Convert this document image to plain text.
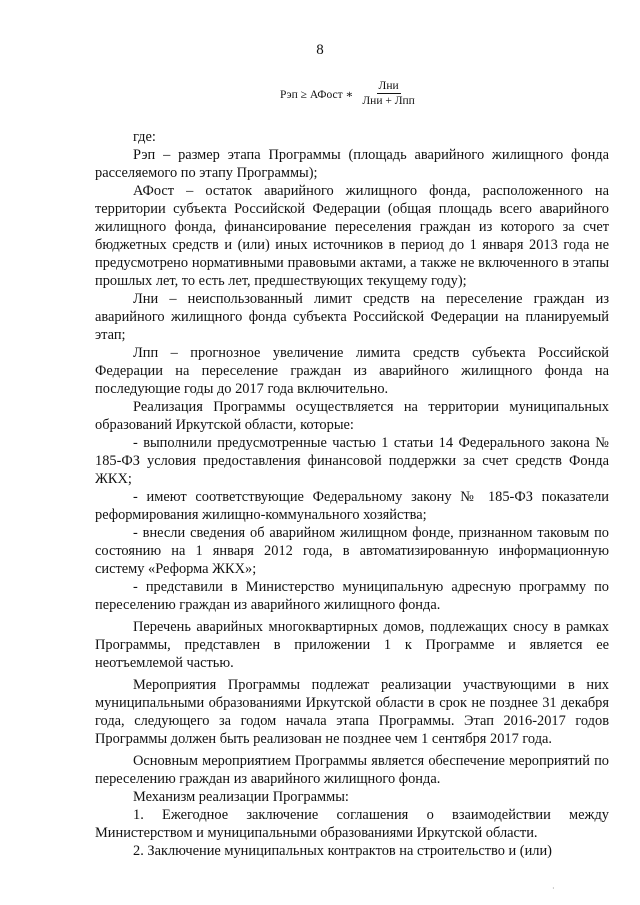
8
Рэп ≥ АФост ∗ $\frac{\text{Лни}}{\text{Лни + Лпп}}$

где:

Рэп – размер этапа Программы (площадь аварийного жилищного фонда расселяемого по этапу Программы);

АФост – остаток аварийного жилищного фонда, расположенного на территории субъекта Российской Федерации (общая площадь всего аварийного жилищного фонда, финансирование переселения граждан из которого за счет бюджетных средств и (или) иных источников в период до 1 января 2013 года не предусмотрено нормативными правовыми актами, а также не включенного в этапы прошлых лет, то есть лет, предшествующих текущему году);

Лни – неиспользованный лимит средств на переселение граждан из аварийного жилищного фонда субъекта Российской Федерации на планируемый этап;

Лпп – прогнозное увеличение лимита средств субъекта Российской Федерации на переселение граждан из аварийного жилищного фонда на последующие годы до 2017 года включительно.

Реализация Программы осуществляется на территории муниципальных образований Иркутской области, которые:

- выполнили предусмотренные частью 1 статьи 14 Федерального закона № 185-ФЗ условия предоставления финансовой поддержки за счет средств Фонда ЖКХ;

- имеют соответствующие Федеральному закону № 185-ФЗ показатели реформирования жилищно-коммунального хозяйства;

- внесли сведения об аварийном жилищном фонде, признанном таковым по состоянию на 1 января 2012 года, в автоматизированную информационную систему «Реформа ЖКХ»;

- представили в Министерство муниципальную адресную программу по переселению граждан из аварийного жилищного фонда.

Перечень аварийных многоквартирных домов, подлежащих сносу в рамках Программы, представлен в приложении 1 к Программе и является ее неотъемлемой частью.

Мероприятия Программы подлежат реализации участвующими в них муниципальными образованиями Иркутской области в срок не позднее 31 декабря года, следующего за годом начала этапа Программы. Этап 2016-2017 годов Программы должен быть реализован не позднее чем 1 сентября 2017 года.

Основным мероприятием Программы является обеспечение мероприятий по переселению граждан из аварийного жилищного фонда.

Механизм реализации Программы:

1. Ежегодное заключение соглашения о взаимодействии между Министерством и муниципальными образованиями Иркутской области.

2. Заключение муниципальных контрактов на строительство и (или)

·
